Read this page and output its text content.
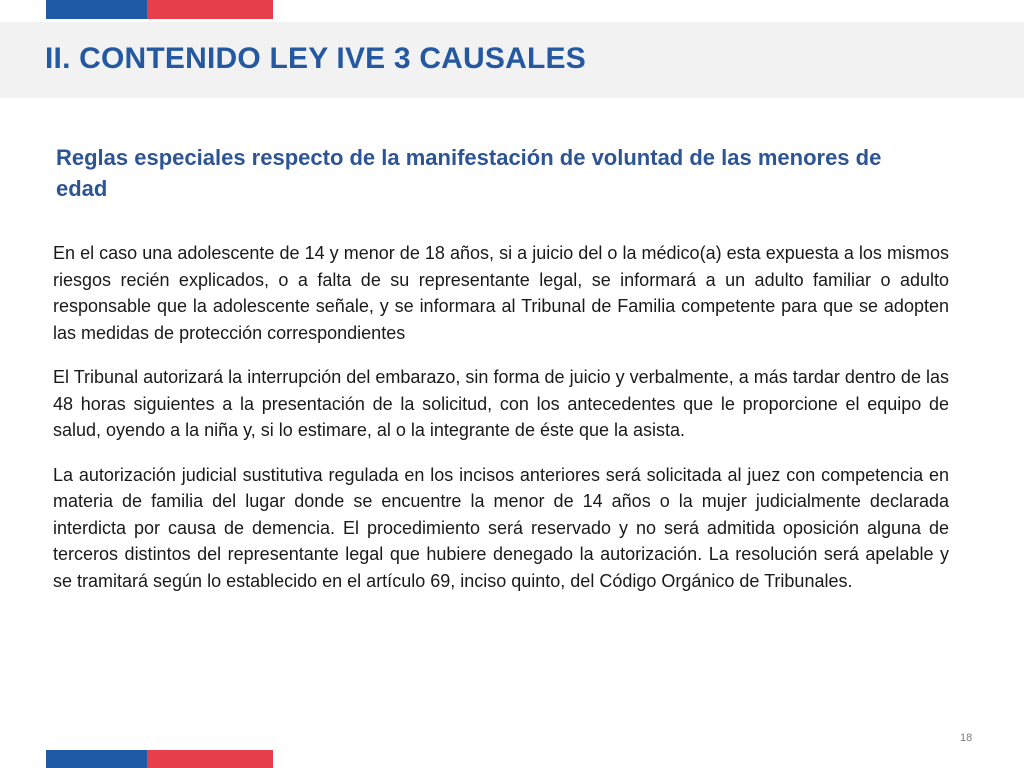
II. CONTENIDO LEY IVE 3 CAUSALES
Reglas especiales respecto de la manifestación de voluntad de las menores de edad

En el caso una adolescente de 14 y menor de 18 años, si a juicio del o la médico(a) esta expuesta a los mismos riesgos recién explicados, o a falta de su representante legal, se informará a un adulto familiar o adulto responsable que la adolescente señale, y se informara al Tribunal de Familia competente para que se adopten las medidas de protección correspondientes

El Tribunal autorizará la interrupción del embarazo, sin forma de juicio y verbalmente, a más tardar dentro de las 48 horas siguientes a la presentación de la solicitud, con los antecedentes que le proporcione el equipo de salud, oyendo a la niña y, si lo estimare, al o la integrante de éste que la asista.

La autorización judicial sustitutiva regulada en los incisos anteriores será solicitada al juez con competencia en materia de familia del lugar donde se encuentre la menor de 14 años o la mujer judicialmente declarada interdicta por causa de demencia. El procedimiento será reservado y no será admitida oposición alguna de terceros distintos del representante legal que hubiere denegado la autorización. La resolución será apelable y se tramitará según lo establecido en el artículo 69, inciso quinto, del Código Orgánico de Tribunales.

18
